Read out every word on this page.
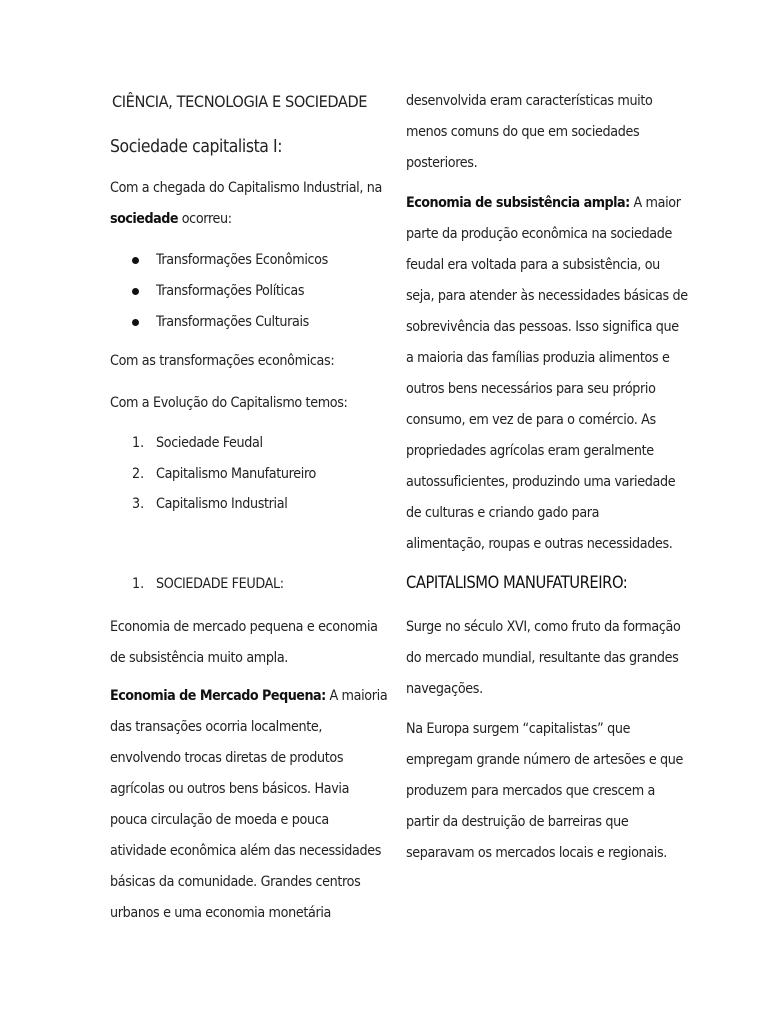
CIÊNCIA, TECNOLOGIA E SOCIEDADE
Sociedade capitalista I:
Com a chegada do Capitalismo Industrial, na
sociedade ocorreu:
Transformações Econômicos
Transformações Políticas
Transformações Culturais
Com as transformações econômicas:
Com a Evolução do Capitalismo temos:
1. Sociedade Feudal
2. Capitalismo Manufatureiro
3. Capitalismo Industrial
1. SOCIEDADE FEUDAL:
Economia de mercado pequena e economia
de subsistência muito ampla.
Economia de Mercado Pequena: A maioria
das transações ocorria localmente,
envolvendo trocas diretas de produtos
agrícolas ou outros bens básicos. Havia
pouca circulação de moeda e pouca
atividade econômica além das necessidades
básicas da comunidade. Grandes centros
urbanos e uma economia monetária
desenvolvida eram características muito
menos comuns do que em sociedades
posteriores.
Economia de subsistência ampla: A maior
parte da produção econômica na sociedade
feudal era voltada para a subsistência, ou
seja, para atender às necessidades básicas de
sobrevivência das pessoas. Isso significa que
a maioria das famílias produzia alimentos e
outros bens necessários para seu próprio
consumo, em vez de para o comércio. As
propriedades agrícolas eram geralmente
autossuficientes, produzindo uma variedade
de culturas e criando gado para
alimentação, roupas e outras necessidades.
CAPITALISMO MANUFATUREIRO:
Surge no século XVI, como fruto da formação
do mercado mundial, resultante das grandes
navegações.
Na Europa surgem “capitalistas” que
empregam grande número de artesões e que
produzem para mercados que crescem a
partir da destruição de barreiras que
separavam os mercados locais e regionais.
